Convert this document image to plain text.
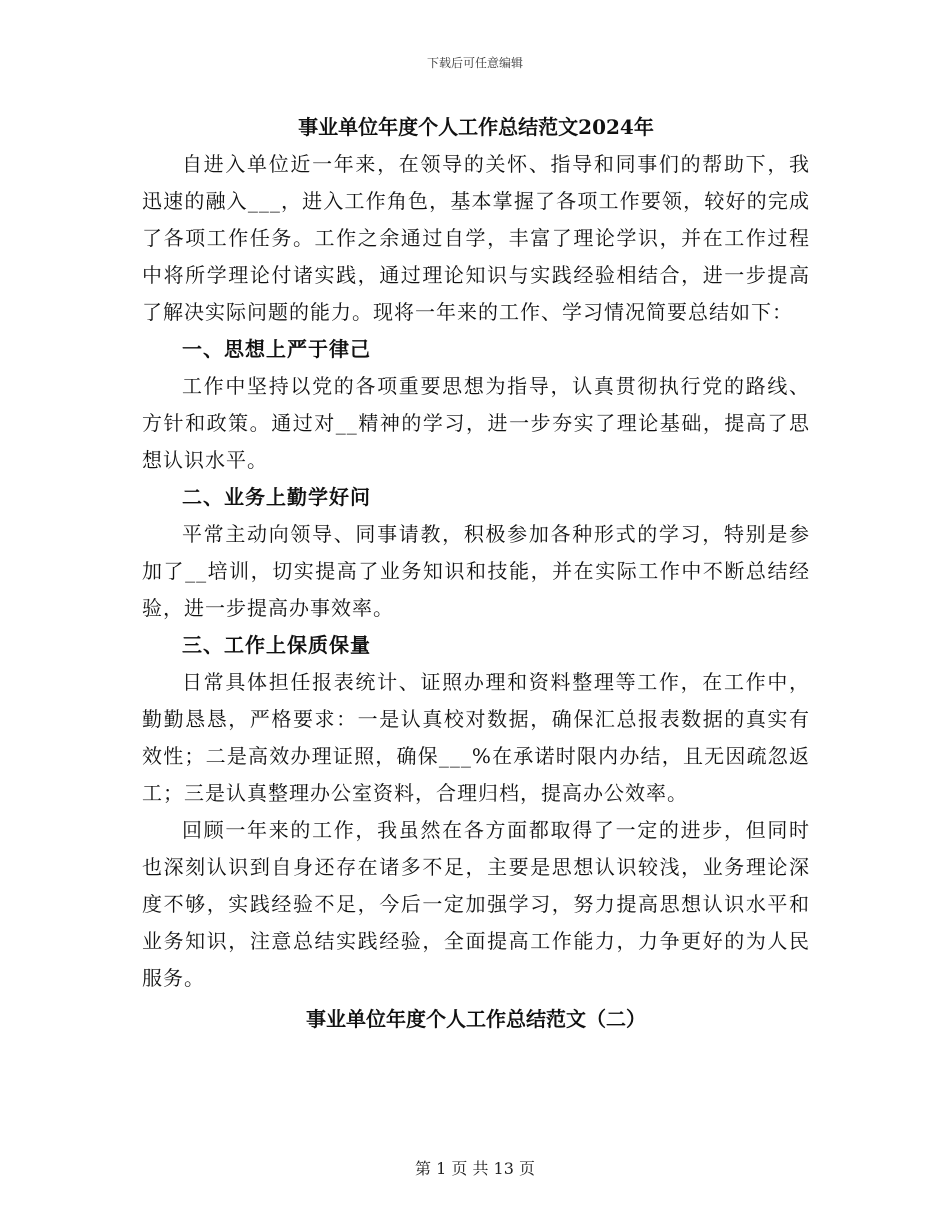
下载后可任意编辑
事业单位年度个人工作总结范文2024年

自进入单位近一年来，在领导的关怀、指导和同事们的帮助下，我迅速的融入___，进入工作角色，基本掌握了各项工作要领，较好的完成了各项工作任务。工作之余通过自学，丰富了理论学识，并在工作过程中将所学理论付诸实践，通过理论知识与实践经验相结合，进一步提高了解决实际问题的能力。现将一年来的工作、学习情况简要总结如下：

一、思想上严于律己

工作中坚持以党的各项重要思想为指导，认真贯彻执行党的路线、方针和政策。通过对__精神的学习，进一步夯实了理论基础，提高了思想认识水平。

二、业务上勤学好问

平常主动向领导、同事请教，积极参加各种形式的学习，特别是参加了__培训，切实提高了业务知识和技能，并在实际工作中不断总结经验，进一步提高办事效率。

三、工作上保质保量

日常具体担任报表统计、证照办理和资料整理等工作，在工作中，勤勤恳恳，严格要求：一是认真校对数据，确保汇总报表数据的真实有效性；二是高效办理证照，确保___%在承诺时限内办结，且无因疏忽返工；三是认真整理办公室资料，合理归档，提高办公效率。

回顾一年来的工作，我虽然在各方面都取得了一定的进步，但同时也深刻认识到自身还存在诸多不足，主要是思想认识较浅，业务理论深度不够，实践经验不足，今后一定加强学习，努力提高思想认识水平和业务知识，注意总结实践经验，全面提高工作能力，力争更好的为人民服务。

事业单位年度个人工作总结范文（二）
第 1 页 共 13 页
